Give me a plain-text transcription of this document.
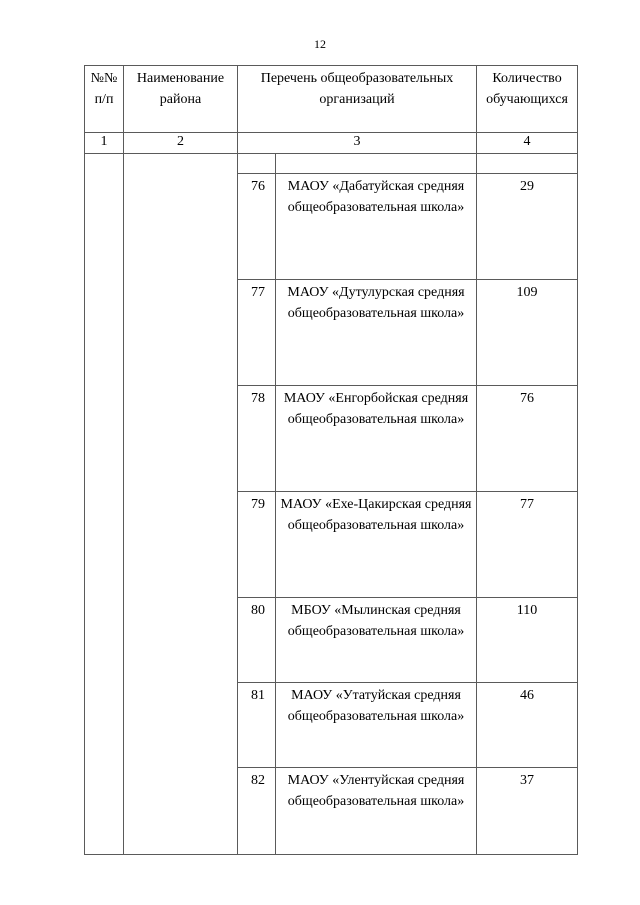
12
№№ п/п	Наименование района	Перечень общеобразовательных организаций		Количество обучающихся
1	2	3		4

		76	МАОУ «Дабатуйская средняя общеобразовательная школа»	29
		77	МАОУ «Дутулурская средняя общеобразовательная школа»	109
		78	МАОУ «Енгорбойская средняя общеобразовательная школа»	76
		79	МАОУ «Ехе-Цакирская средняя общеобразовательная школа»	77
		80	МБОУ «Мылинская средняя общеобразовательная школа»	110
		81	МАОУ «Утатуйская средняя общеобразовательная школа»	46
		82	МАОУ «Улентуйская средняя общеобразовательная школа»	37
